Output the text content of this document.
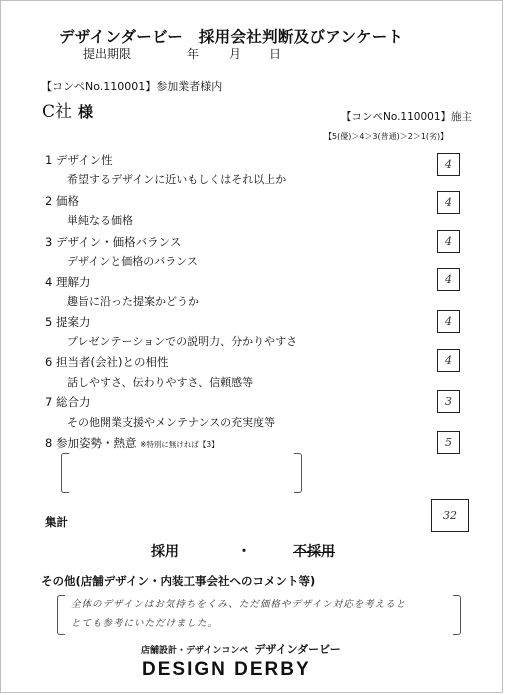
デザインダービー　採用会社判断及びアンケート
提出期限	年 月 日
【コンペNo.110001】参加業者様内
C社 様	【コンペNo.110001】施主
【5(優)＞4＞3(普通)＞2＞1(劣)】
1 デザイン性
希望するデザインに近いもしくはそれ以上か
4
2 価格
単純なる価格
4
3 デザイン・価格バランス
デザインと価格のバランス
4
4 理解力
趣旨に沿った提案かどうか
4
5 提案力
プレゼンテーションでの説明力、分かりやすさ
4
6 担当者(会社)との相性
話しやすさ、伝わりやすさ、信頼感等
4
7 総合力
その他開業支援やメンテナンスの充実度等
3
8 参加姿勢・熱意 ※特別に無ければ【3】	5
集計	32
採用	・	不採用
その他(店舗デザイン・内装工事会社へのコメント等)
全体のデザインはお気持ちをくみ、ただ価格やデザイン対応を考えると
とても参考にいただけました。
店舗設計・デザインコンペ デザインダービー
DESIGN DERBY
